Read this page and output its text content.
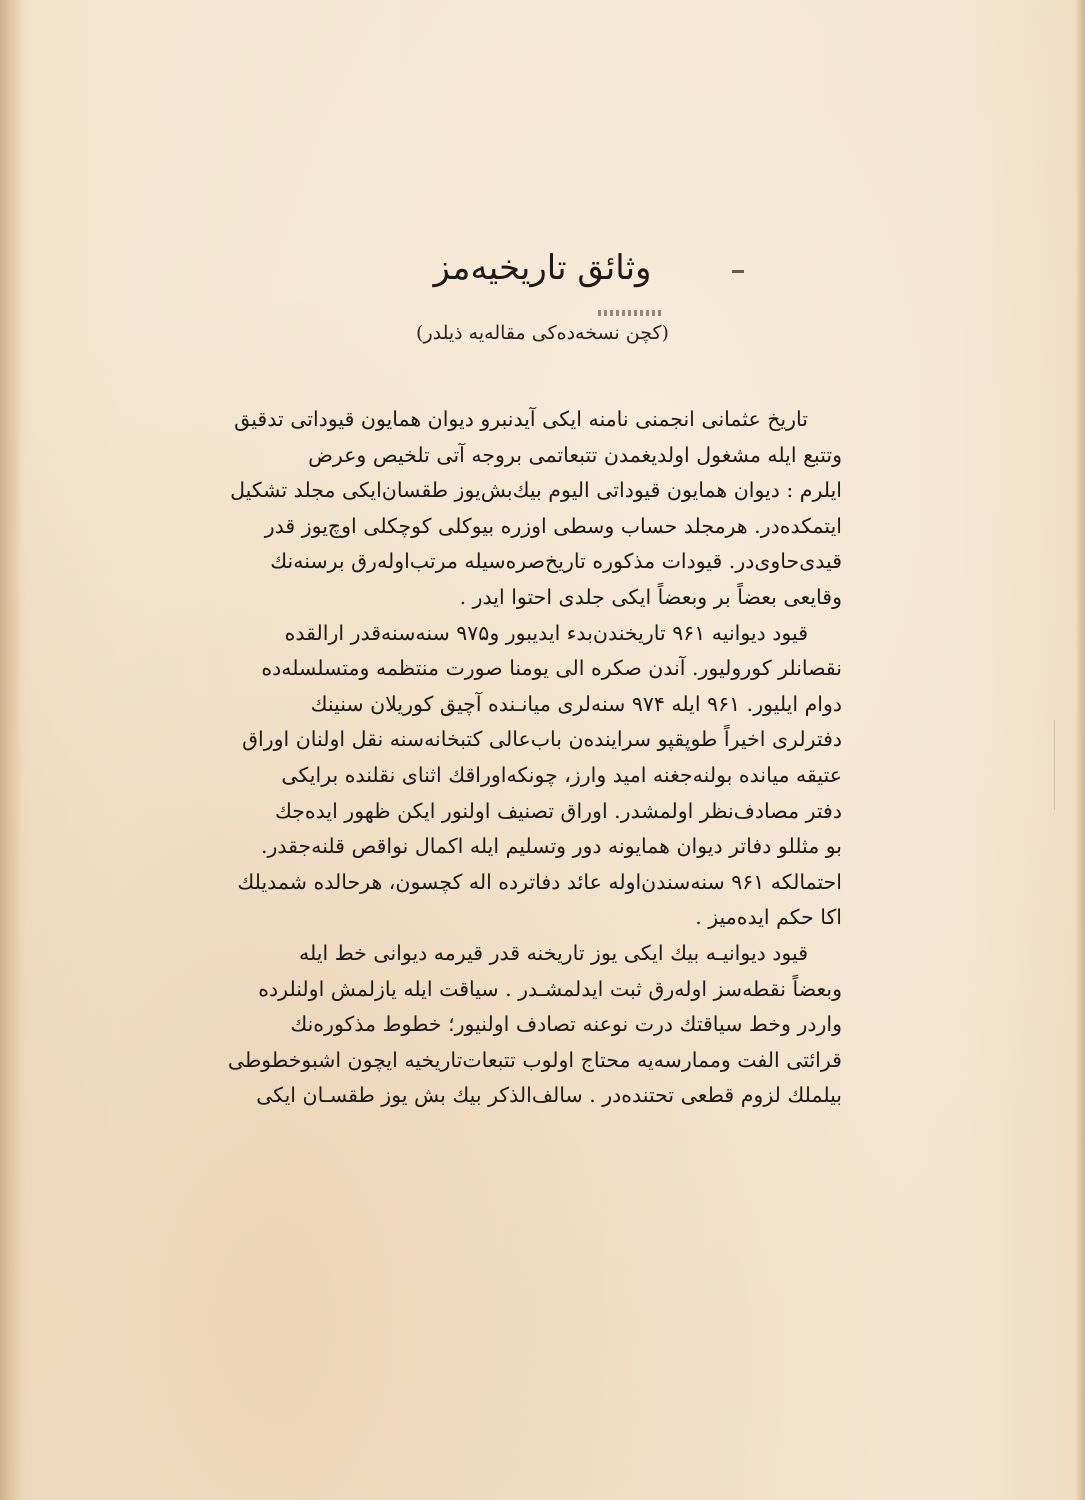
وثائق تاریخیه‌مز
(کچن نسخه‌ده‌کی مقاله‌یه ذیلدر)
تاریخ عثمانی انجمنی نامنه ایکی آیدنبرو دیوان همایون قیوداتی تدقیق
وتتبع ایله مشغول اولدیغمدن تتبعاتمی بروجه آتی تلخیص وعرض
ایلرم : دیوان همایون قیوداتی الیوم بیك‌بش‌یوز طقسان‌ایکی مجلد تشکیل
ایتمکده‌در. هرمجلد حساب وسطی اوزره بیوکلی کوچکلی اوچ‌یوز قدر
قیدی‌حاوی‌در. قیودات مذکوره تاریخ‌صره‌سیله مرتب‌اوله‌رق برسنه‌نك
وقایعی بعضاً بر وبعضاً ایکی جلدی احتوا ایدر .
قیود دیوانیه ۹۶۱ تاریخندن‌بدء ایدیبور و۹۷۵ سنه‌سنه‌قدر ارالقده
نقصانلر کورولیور. آندن صکره الی یومنا صورت منتظمه ومتسلسله‌ده
دوام ایلیور. ۹۶۱ ایله ۹۷۴ سنه‌لری میانـنده آچیق کوریلان سنینك
دفترلری اخیراً طوپقپو سراینده‌ن باب‌عالی کتبخانه‌سنه نقل اولنان اوراق
عتیقه میانده بولنه‌جغنه امید وارز، چونکه‌اوراقك اثنای نقلنده برایکی
دفتر مصادف‌نظر اولمشدر. اوراق تصنیف اولنور ایکن ظهور ایده‌جك
بو مثللو دفاتر دیوان همایونه دور وتسلیم ایله اکمال نواقص قلنه‌جقدر.
احتمالکه ۹۶۱ سنه‌سندن‌اوله عائد دفاترده اله کچسون، هرحالده شمدیلك
اکا حکم ایده‌میز .
قیود دیوانیـه بیك ایکی یوز تاریخنه قدر قیرمه دیوانی خط ایله
وبعضاً نقطه‌سز اوله‌رق ثبت ایدلمشـدر . سیاقت ایله یازلمش اولنلرده
واردر وخط سیاقتك درت نوعنه تصادف اولنیور؛ خطوط مذکوره‌نك
قرائتی الفت وممارسه‌یه محتاج اولوب تتبعات‌تاریخیه ایچون اشبوخطوطی
بیلملك لزوم قطعی تحتنده‌در . سالف‌الذکر بیك بش یوز طقسـان ایکی
